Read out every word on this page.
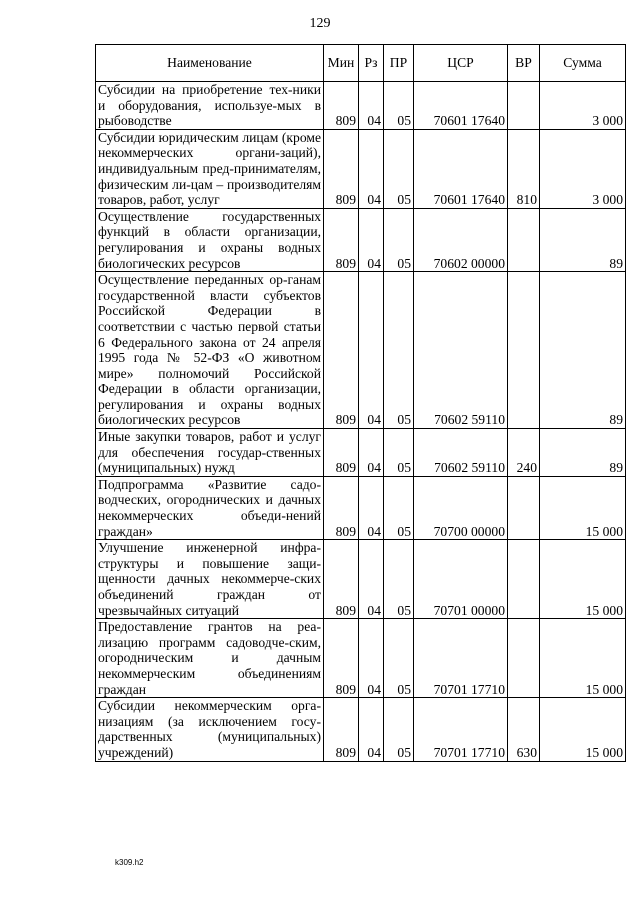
129
Наименование	Мин	Рз	ПР	ЦСР	ВР	Сумма
Субсидии на приобретение тех-ники и оборудования, используе-мых в рыбоводстве	809	04	05	70601 17640		3 000
Субсидии юридическим лицам (кроме некоммерческих органи-заций), индивидуальным пред-принимателям, физическим ли-цам – производителям товаров, работ, услуг	809	04	05	70601 17640	810	3 000
Осуществление государственных функций в области организации, регулирования и охраны водных биологических ресурсов	809	04	05	70602 00000		89
Осуществление переданных ор-ганам государственной власти субъектов Российской Федерации в соответствии с частью первой статьи 6 Федерального закона от 24 апреля 1995 года № 52-ФЗ «О животном мире» полномочий Российской Федерации в области организации, регулирования и охраны водных биологических ресурсов	809	04	05	70602 59110		89
Иные закупки товаров, работ и услуг для обеспечения государ-ственных (муниципальных) нужд	809	04	05	70602 59110	240	89
Подпрограмма «Развитие садо-водческих, огороднических и дачных некоммерческих объеди-нений граждан»	809	04	05	70700 00000		15 000
Улучшение инженерной инфра-структуры и повышение защи-щенности дачных некоммерче-ских объединений граждан от чрезвычайных ситуаций	809	04	05	70701 00000		15 000
Предоставление грантов на реа-лизацию программ садоводче-ским, огородническим и дачным некоммерческим объединениям граждан	809	04	05	70701 17710		15 000
Субсидии некоммерческим орга-низациям (за исключением госу-дарственных (муниципальных) учреждений)	809	04	05	70701 17710	630	15 000
k309.h2
